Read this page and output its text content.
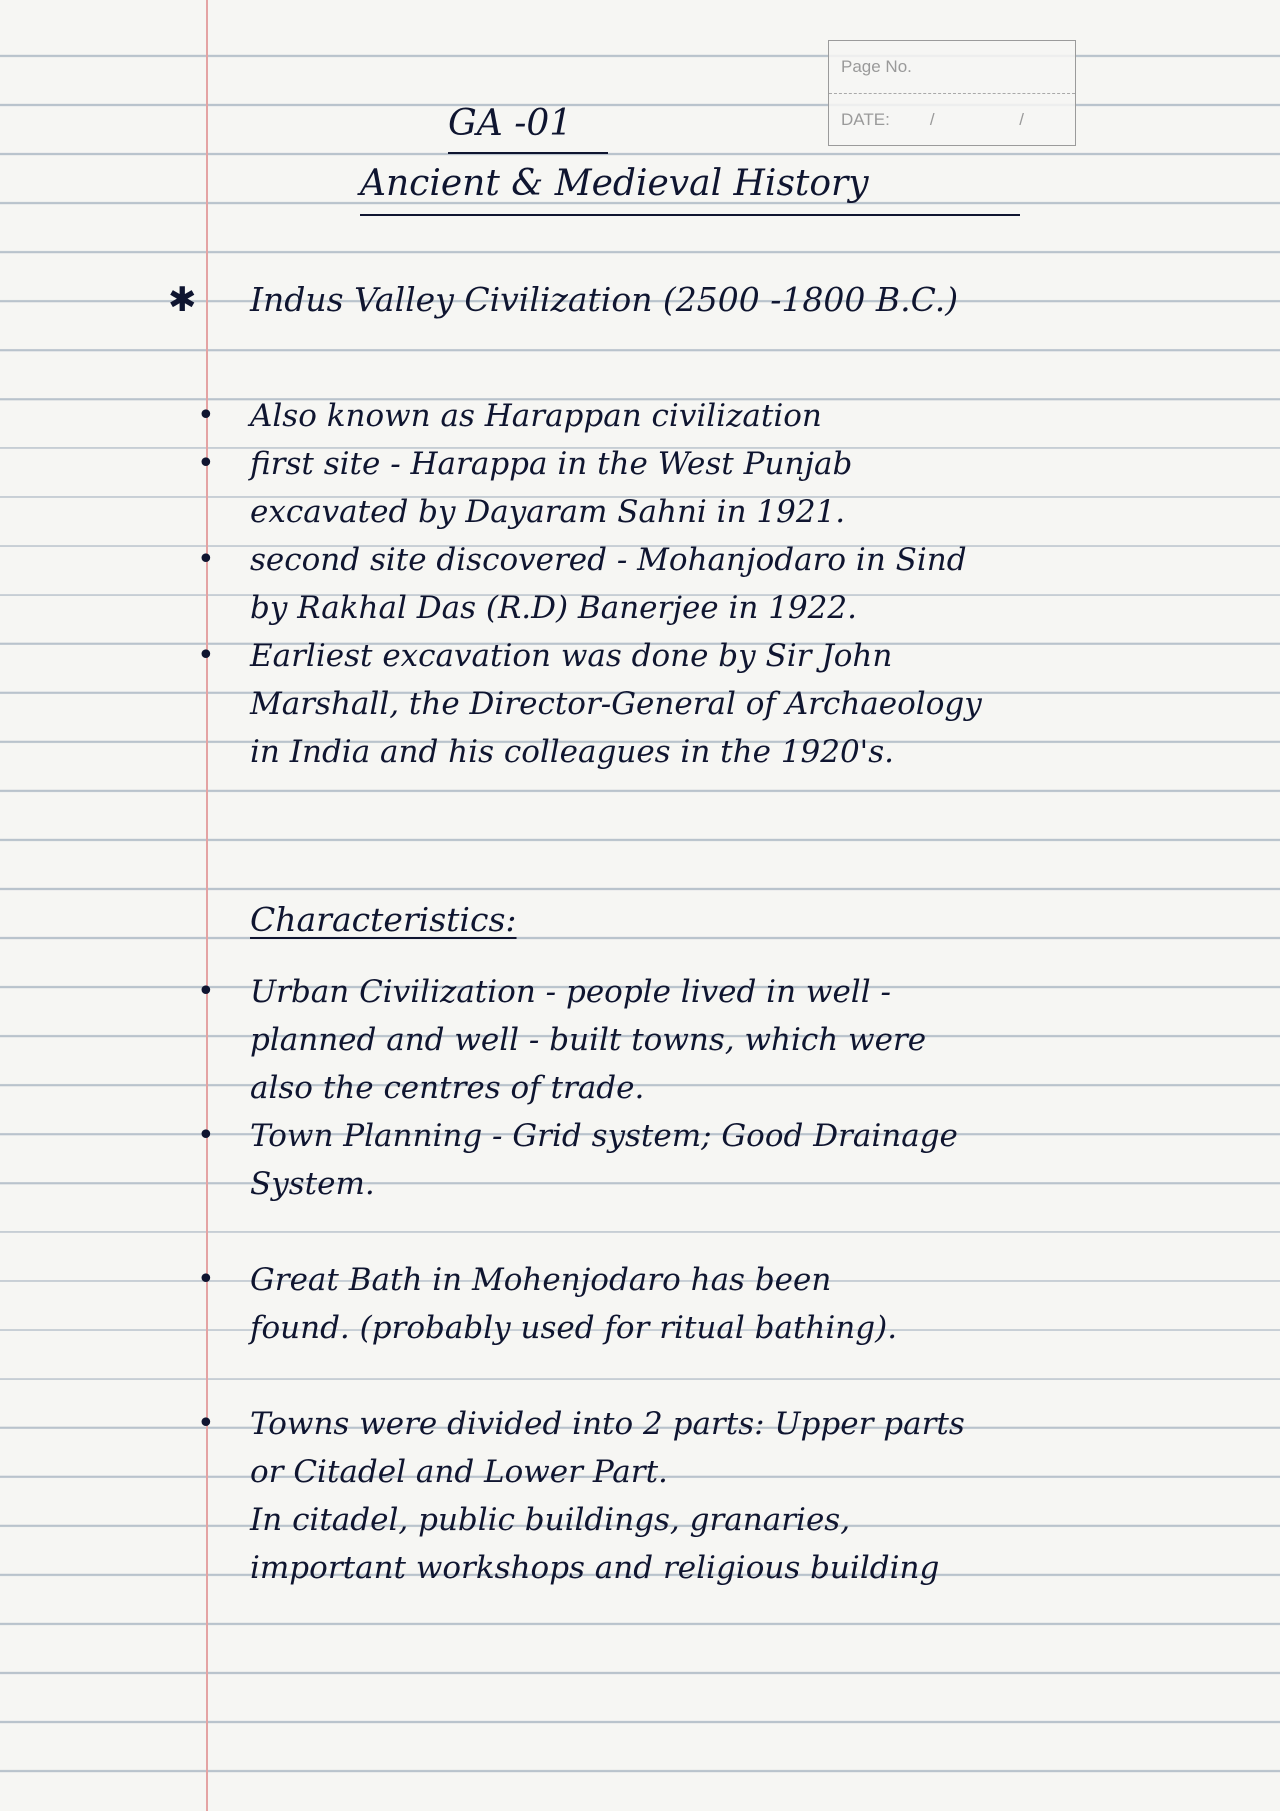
Page No.
DATE: / /
GA -01
Ancient & Medieval History
✱ Indus Valley Civilization (2500 -1800 B.C.)
•
•
•
•
•
•
•
•
Also known as Harappan civilization
first site - Harappa in the West Punjab
excavated by Dayaram Sahni in 1921.
second site discovered - Mohanjodaro in Sind
by Rakhal Das (R.D) Banerjee in 1922.
Earliest excavation was done by Sir John
Marshall, the Director-General of Archaeology
in India and his colleagues in the 1920's.
Characteristics:
Urban Civilization - people lived in well -
planned and well - built towns, which were
also the centres of trade.
Town Planning - Grid system; Good Drainage
System.
Great Bath in Mohenjodaro has been
found. (probably used for ritual bathing).
Towns were divided into 2 parts: Upper parts
or Citadel and Lower Part.
In citadel, public buildings, granaries,
important workshops and religious building
